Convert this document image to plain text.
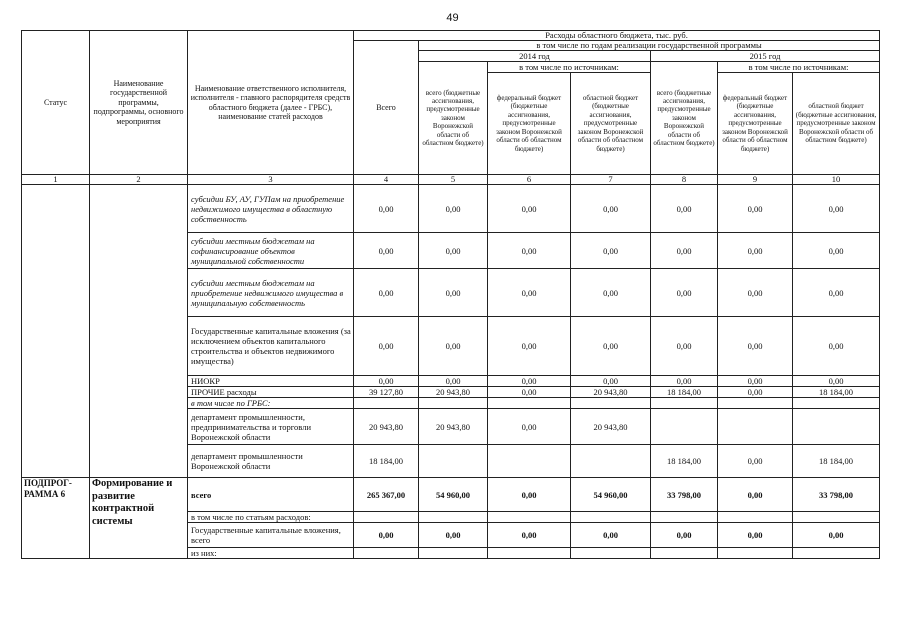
49
Статус	Наименование государственной программы, подпрограммы, основного мероприятия	Наименование ответственного исполнителя, исполнителя - главного распорядителя средств областного бюджета (далее - ГРБС), наименование статей расходов	Расходы областного бюджета, тыс. руб.						
			Всего	в том числе по годам реализации государственной программы					
				2014 год			2015 год		
				всего (бюджетные ассигнования, предусмотренные законом Воронежской области об областном бюджете)	в том числе по источникам:		всего (бюджетные ассигнования, предусмотренные законом Воронежской области об областном бюджете)	в том числе по источникам:	
					федеральный бюджет (бюджетные ассигнования, предусмотренные законом Воронежской области об областном бюджете)	областной бюджет (бюджетные ассигнования, предусмотренные законом Воронежской области об областном бюджете)		федеральный бюджет (бюджетные ассигнования, предусмотренные законом Воронежской области об областном бюджете)	областной бюджет (бюджетные ассигнования, предусмотренные законом Воронежской области об областном бюджете)
1	2	3	4	5	6	7	8	9	10
		субсидии БУ, АУ, ГУПам на приобретение недвижимого имущества в областную собственность	0,00	0,00	0,00	0,00	0,00	0,00	0,00
		субсидии местным бюджетам на софинансирование объектов муниципальной собственности	0,00	0,00	0,00	0,00	0,00	0,00	0,00
		субсидии местным бюджетам на приобретение недвижимого имущества в муниципальную собственность	0,00	0,00	0,00	0,00	0,00	0,00	0,00
		Государственные капитальные вложения (за исключением объектов капитального строительства и объектов недвижимого имущества)	0,00	0,00	0,00	0,00	0,00	0,00	0,00
		НИОКР	0,00	0,00	0,00	0,00	0,00	0,00	0,00
		ПРОЧИЕ расходы	39 127,80	20 943,80	0,00	20 943,80	18 184,00	0,00	18 184,00
		в том числе по ГРБС:							
		департамент промышленности, предпринимательства и торговли Воронежской области	20 943,80	20 943,80	0,00	20 943,80			
		департамент промышленности Воронежской области	18 184,00				18 184,00	0,00	18 184,00
ПОДПРОГ- РАММА 6	Формирование и развитие контрактной системы	всего	265 367,00	54 960,00	0,00	54 960,00	33 798,00	0,00	33 798,00
		в том числе по статьям расходов:							
		Государственные капитальные вложения, всего	0,00	0,00	0,00	0,00	0,00	0,00	0,00
		из них:							
